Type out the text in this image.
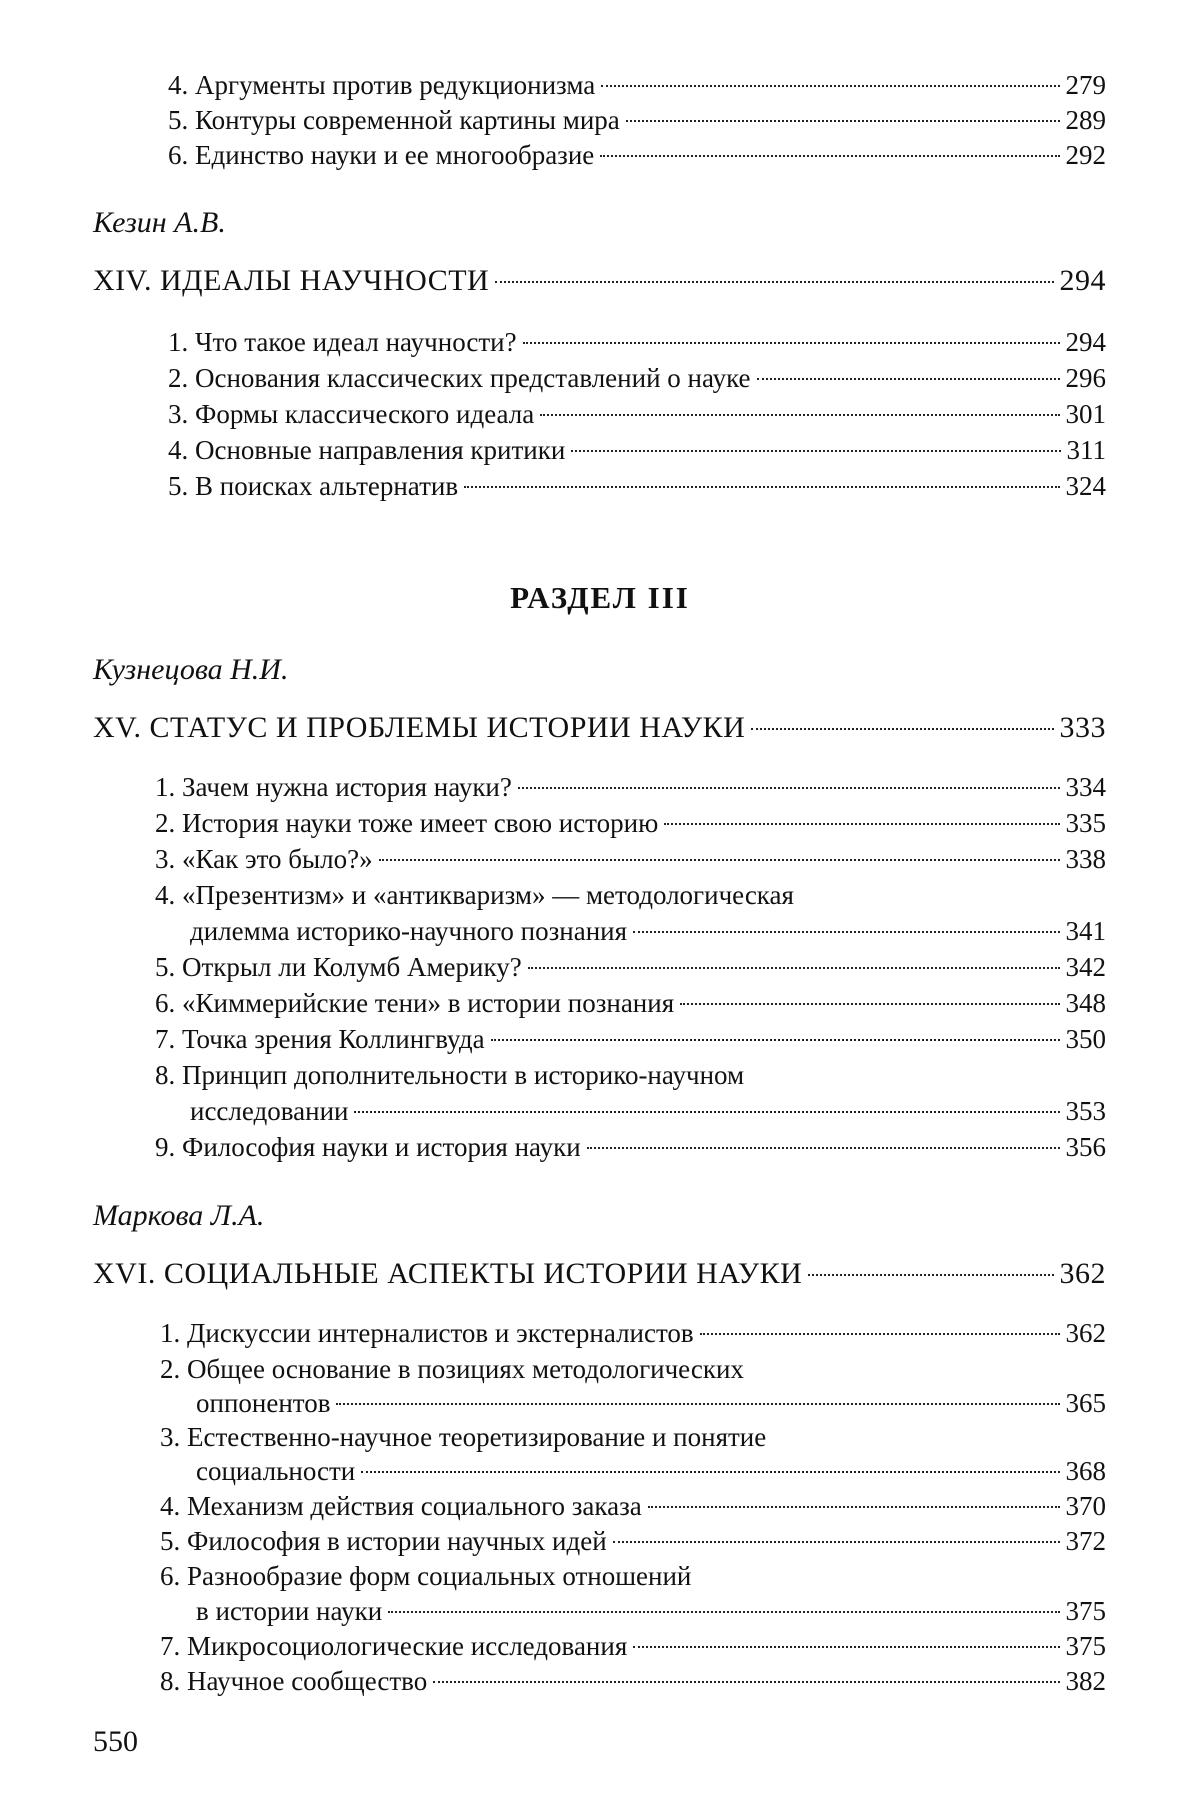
4. Аргументы против редукционизма	279
5. Контуры современной картины мира	289
6. Единство науки и ее многообразие	292
Кезин А.В.
XIV. ИДЕАЛЫ НАУЧНОСТИ	294
1. Что такое идеал научности?	294
2. Основания классических представлений о науке	296
3. Формы классического идеала	301
4. Основные направления критики	311
5. В поисках альтернатив	324
РАЗДЕЛ III
Кузнецова Н.И.
XV. СТАТУС И ПРОБЛЕМЫ ИСТОРИИ НАУКИ	333
1. Зачем нужна история науки?	334
2. История науки тоже имеет свою историю	335
3. «Как это было?»	338
4. «Презентизм» и «антикваризм» — методологическая
дилемма историко-научного познания	341
5. Открыл ли Колумб Америку?	342
6. «Киммерийские тени» в истории познания	348
7. Точка зрения Коллингвуда	350
8. Принцип дополнительности в историко-научном
исследовании	353
9. Философия науки и история науки	356
Маркова Л.А.
XVI. СОЦИАЛЬНЫЕ АСПЕКТЫ ИСТОРИИ НАУКИ	362
1. Дискуссии интерналистов и экстерналистов	362
2. Общее основание в позициях методологических
оппонентов	365
3. Естественно-научное теоретизирование и понятие
социальности	368
4. Механизм действия социального заказа	370
5. Философия в истории научных идей	372
6. Разнообразие форм социальных отношений
в истории науки	375
7. Микросоциологические исследования	375
8. Научное сообщество	382
550
